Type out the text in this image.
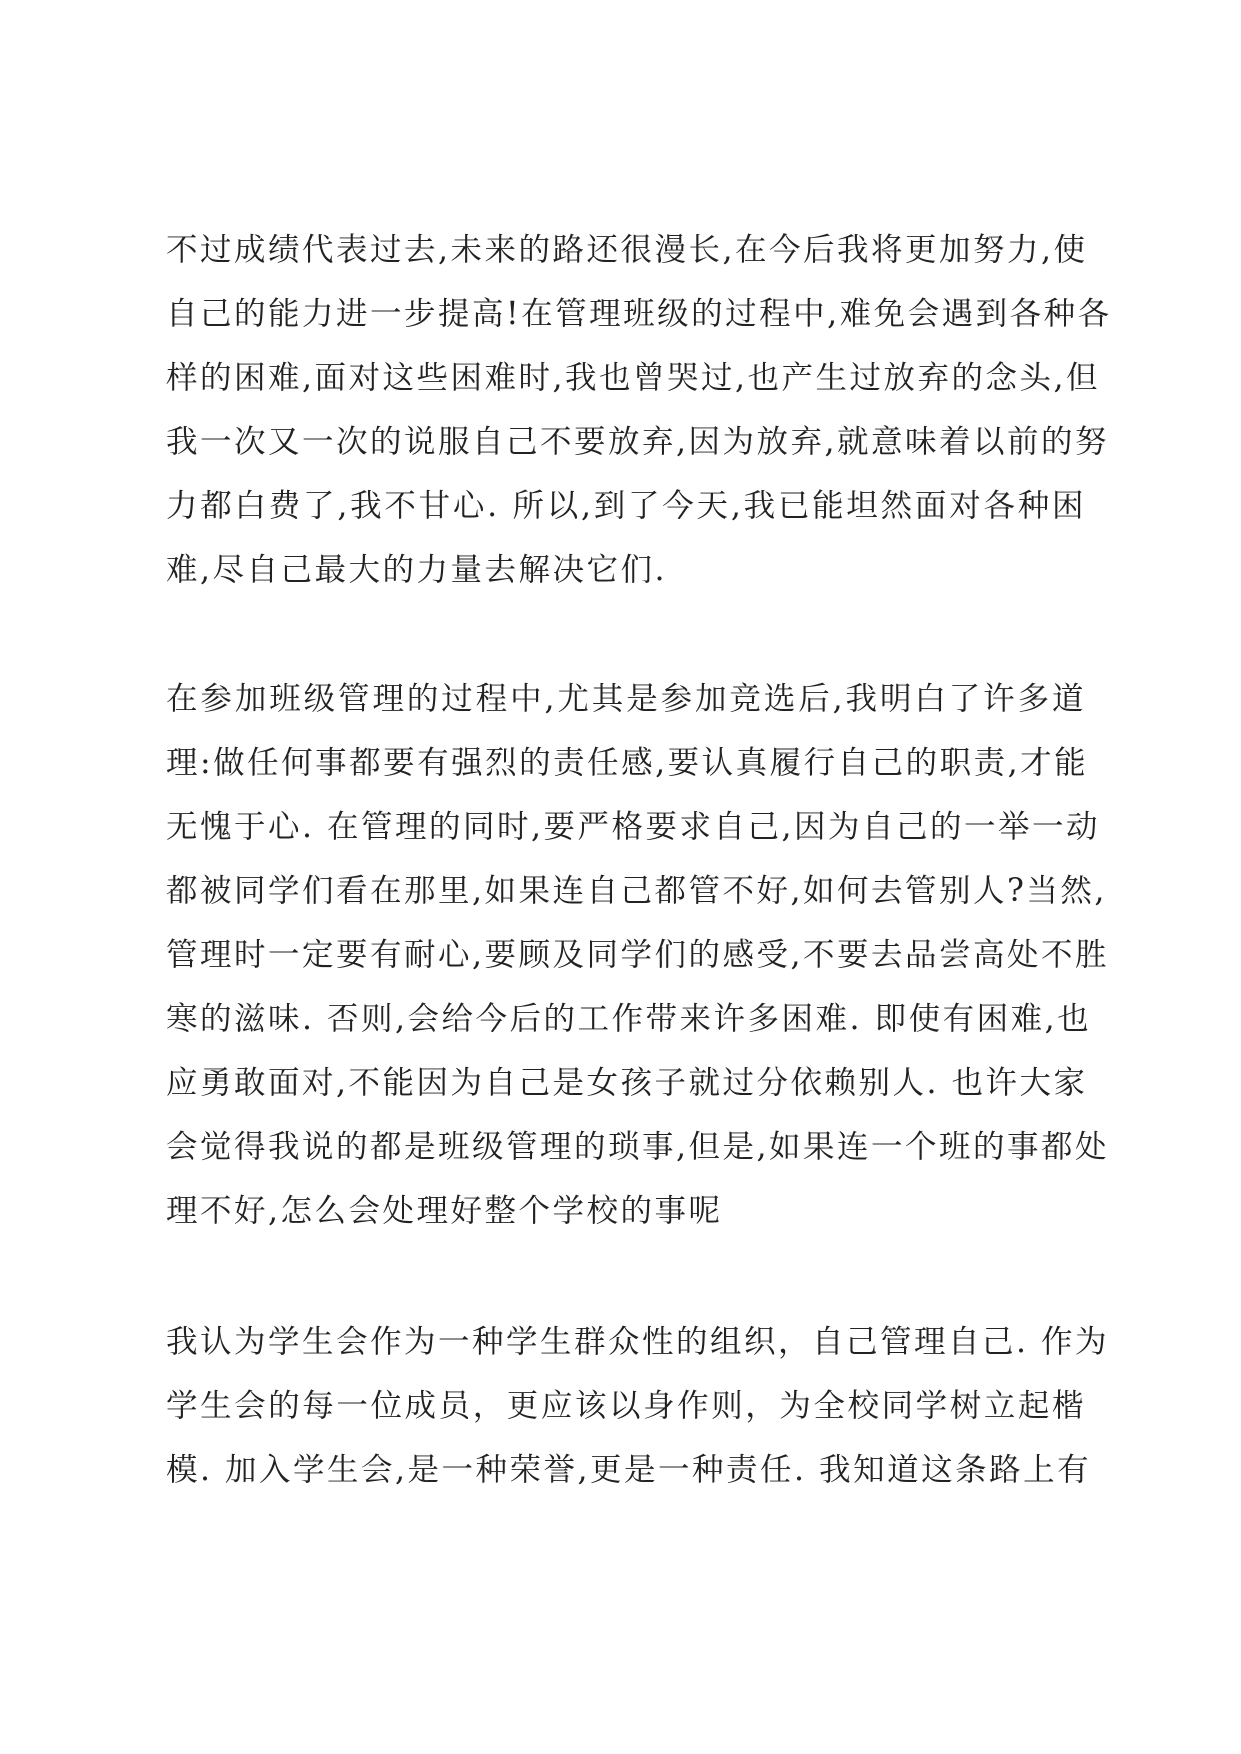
不过成绩代表过去,未来的路还很漫长,在今后我将更加努力,使
自己的能力进一步提高!在管理班级的过程中,难免会遇到各种各
样的困难,面对这些困难时,我也曾哭过,也产生过放弃的念头,但
我一次又一次的说服自己不要放弃,因为放弃,就意味着以前的努
力都白费了,我不甘心. 所以,到了今天,我已能坦然面对各种困
难,尽自己最大的力量去解决它们.
在参加班级管理的过程中,尤其是参加竞选后,我明白了许多道
理:做任何事都要有强烈的责任感,要认真履行自己的职责,才能
无愧于心. 在管理的同时,要严格要求自己,因为自己的一举一动
都被同学们看在那里,如果连自己都管不好,如何去管别人?当然,
管理时一定要有耐心,要顾及同学们的感受,不要去品尝高处不胜
寒的滋味. 否则,会给今后的工作带来许多困难. 即使有困难,也
应勇敢面对,不能因为自己是女孩子就过分依赖别人. 也许大家
会觉得我说的都是班级管理的琐事,但是,如果连一个班的事都处
理不好,怎么会处理好整个学校的事呢
我认为学生会作为一种学生群众性的组织，自己管理自己. 作为
学生会的每一位成员，更应该以身作则，为全校同学树立起楷
模. 加入学生会,是一种荣誉,更是一种责任. 我知道这条路上有
